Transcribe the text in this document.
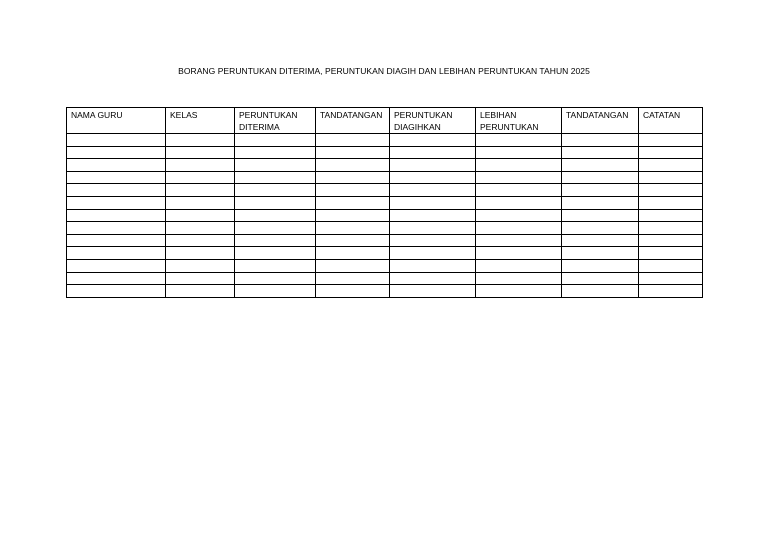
BORANG PERUNTUKAN DITERIMA, PERUNTUKAN DIAGIH DAN LEBIHAN PERUNTUKAN TAHUN 2025
NAMA GURU	KELAS	PERUNTUKAN DITERIMA	TANDATANGAN	PERUNTUKAN DIAGIHKAN	LEBIHAN PERUNTUKAN	TANDATANGAN	CATATAN
